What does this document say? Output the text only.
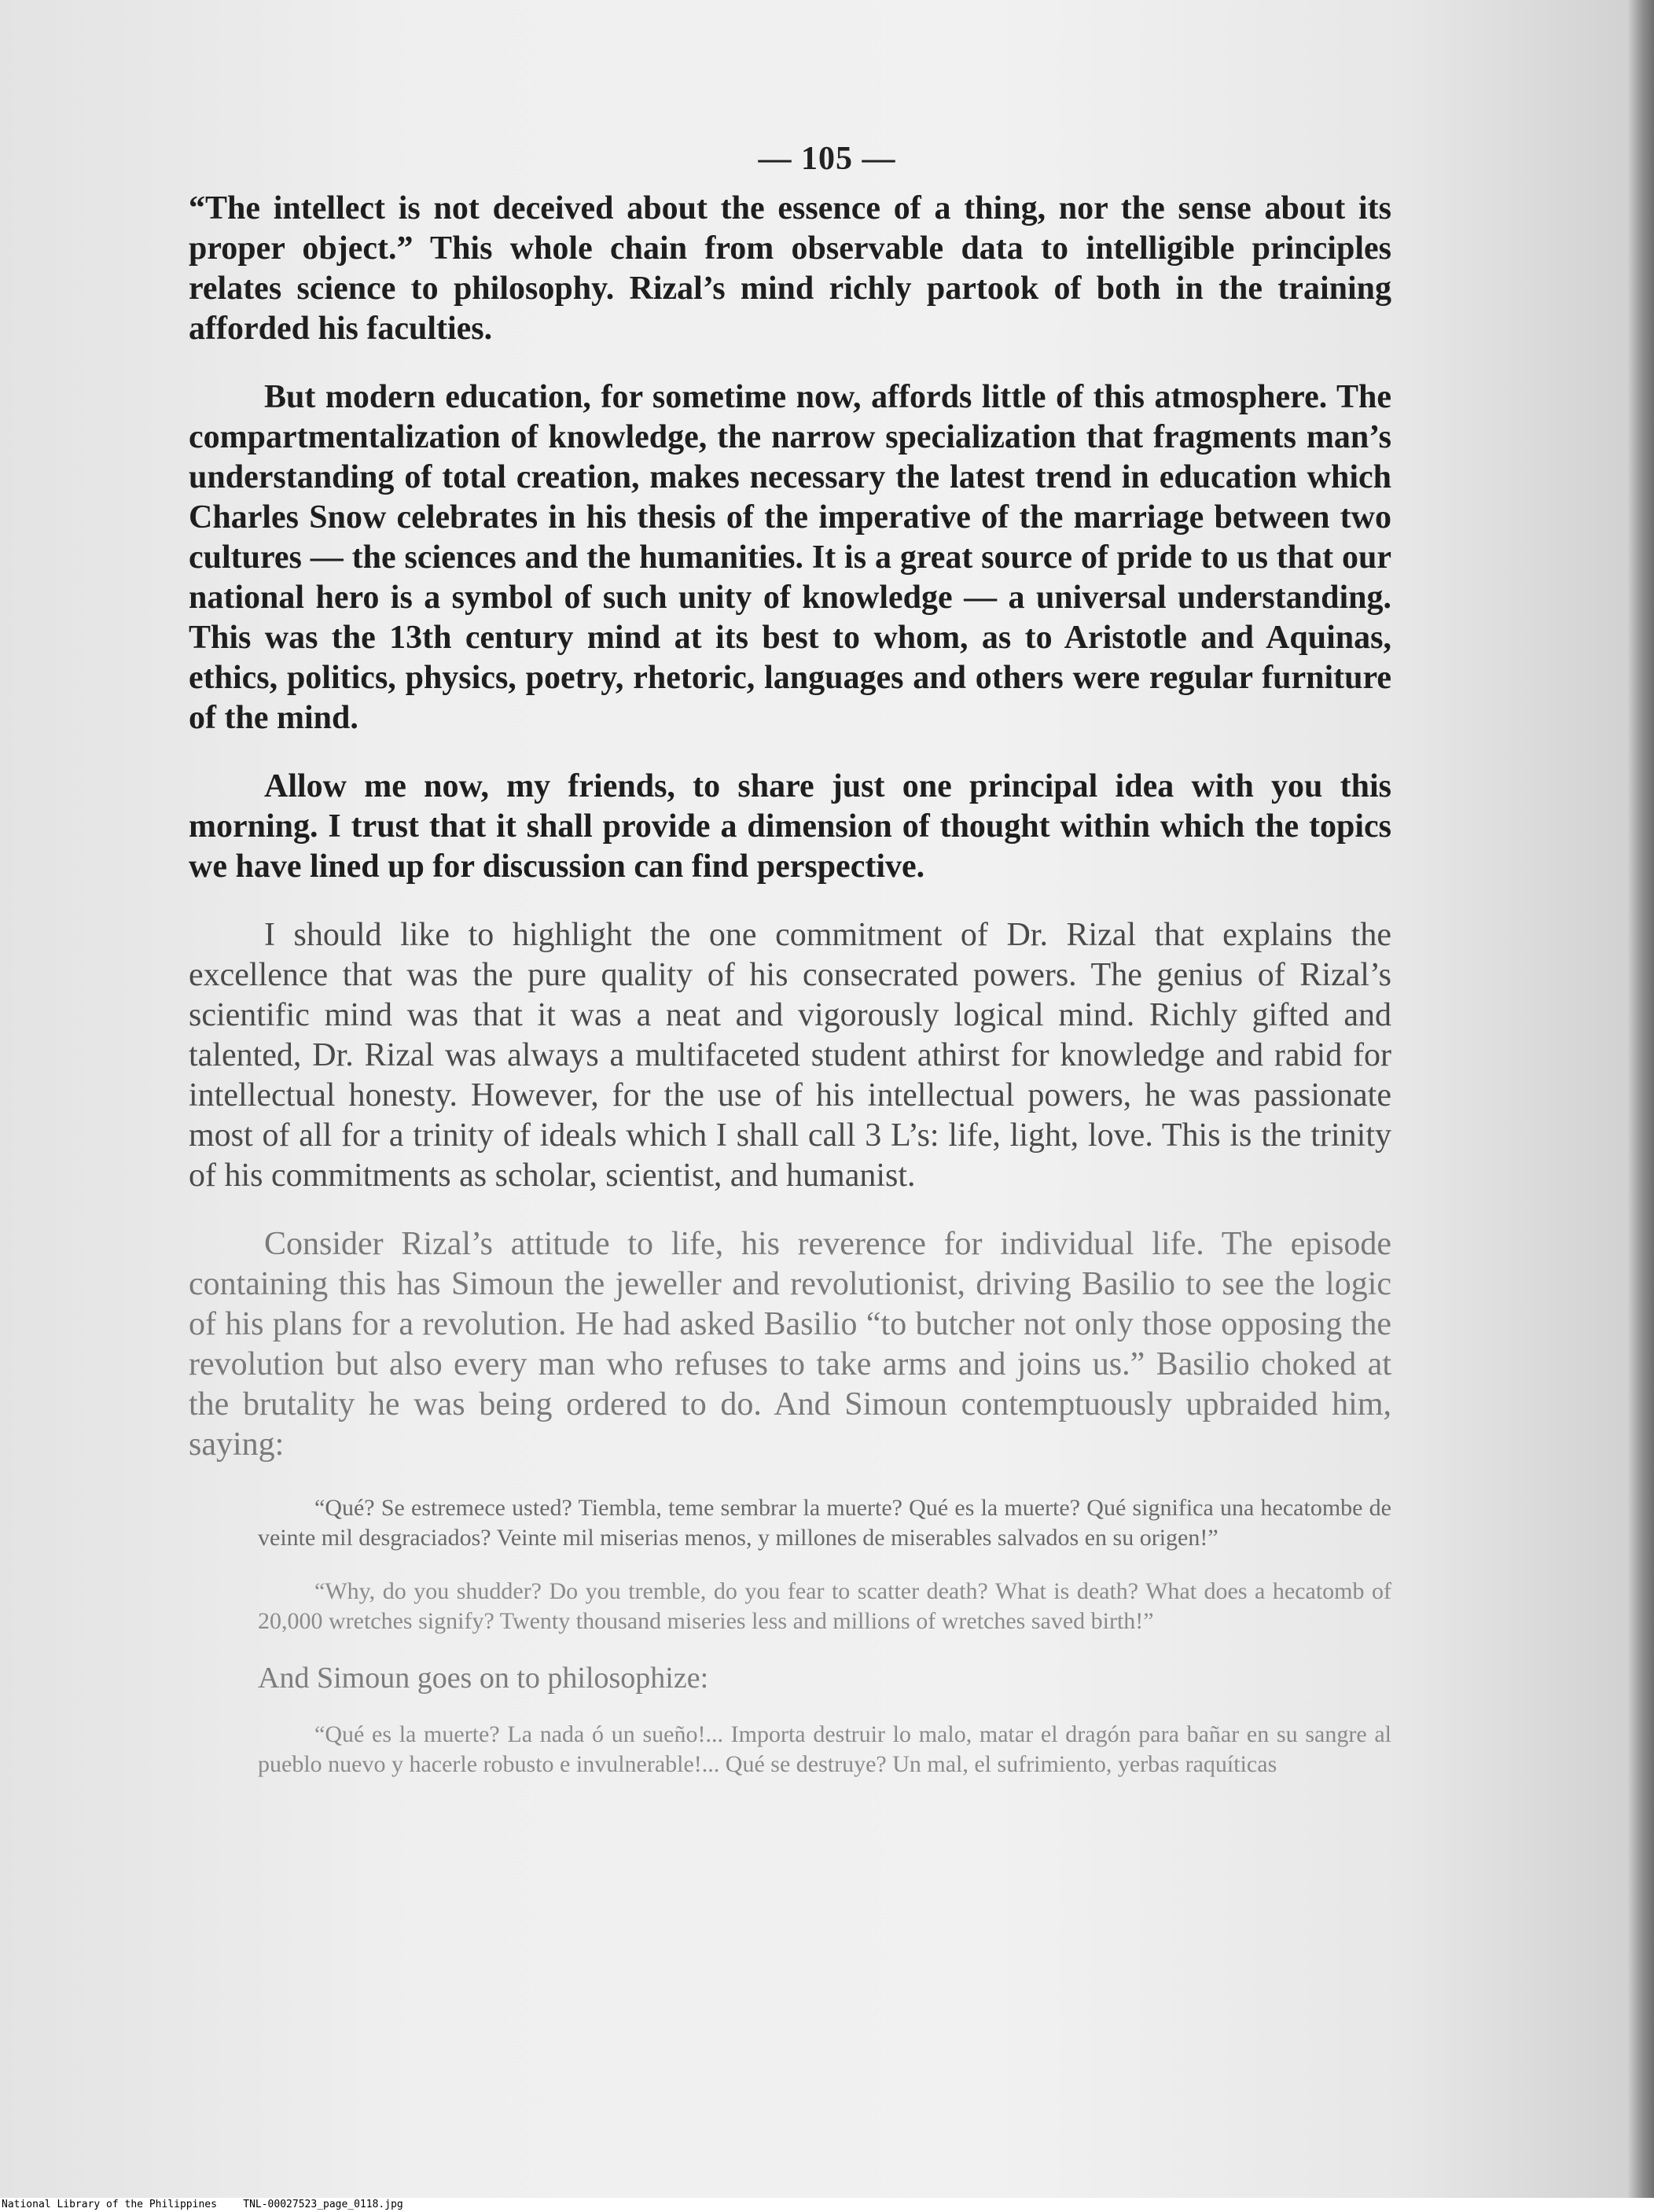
— 105 —

“The intellect is not deceived about the essence of a thing, nor the sense about its proper object.” This whole chain from observable data to intelligible principles relates science to philosophy. Rizal’s mind richly partook of both in the training afforded his faculties.

But modern education, for sometime now, affords little of this atmosphere. The compartmentalization of knowledge, the narrow specialization that fragments man’s understanding of total creation, makes necessary the latest trend in education which Charles Snow celebrates in his thesis of the imperative of the marriage between two cultures — the sciences and the humanities. It is a great source of pride to us that our national hero is a symbol of such unity of knowledge — a universal understanding. This was the 13th century mind at its best to whom, as to Aristotle and Aquinas, ethics, politics, physics, poetry, rhetoric, languages and others were regular furniture of the mind.

Allow me now, my friends, to share just one principal idea with you this morning. I trust that it shall provide a dimension of thought within which the topics we have lined up for discussion can find perspective.

I should like to highlight the one commitment of Dr. Rizal that explains the excellence that was the pure quality of his consecrated powers. The genius of Rizal’s scientific mind was that it was a neat and vigorously logical mind. Richly gifted and talented, Dr. Rizal was always a multifaceted student athirst for knowledge and rabid for intellectual honesty. However, for the use of his intellectual powers, he was passionate most of all for a trinity of ideals which I shall call 3 L’s: life, light, love. This is the trinity of his commitments as scholar, scientist, and humanist.

Consider Rizal’s attitude to life, his reverence for individual life. The episode containing this has Simoun the jeweller and revolutionist, driving Basilio to see the logic of his plans for a revolution. He had asked Basilio “to butcher not only those opposing the revolution but also every man who refuses to take arms and joins us.” Basilio choked at the brutality he was being ordered to do. And Simoun contemptuously upbraided him, saying:

“Qué? Se estremece usted? Tiembla, teme sembrar la muerte? Qué es la muerte? Qué significa una hecatombe de veinte mil desgraciados? Veinte mil miserias menos, y millones de miserables salvados en su origen!”

“Why, do you shudder? Do you tremble, do you fear to scatter death? What is death? What does a hecatomb of 20,000 wretches signify? Twenty thousand miseries less and millions of wretches saved birth!”

And Simoun goes on to philosophize:

“Qué es la muerte? La nada ó un sueño!... Importa destruir lo malo, matar el dragón para bañar en su sangre al pueblo nuevo y hacerle robusto e invulnerable!... Qué se destruye? Un mal, el sufrimiento, yerbas raquíticas

National Library of the Philippines	TNL-00027523_page_0118.jpg
